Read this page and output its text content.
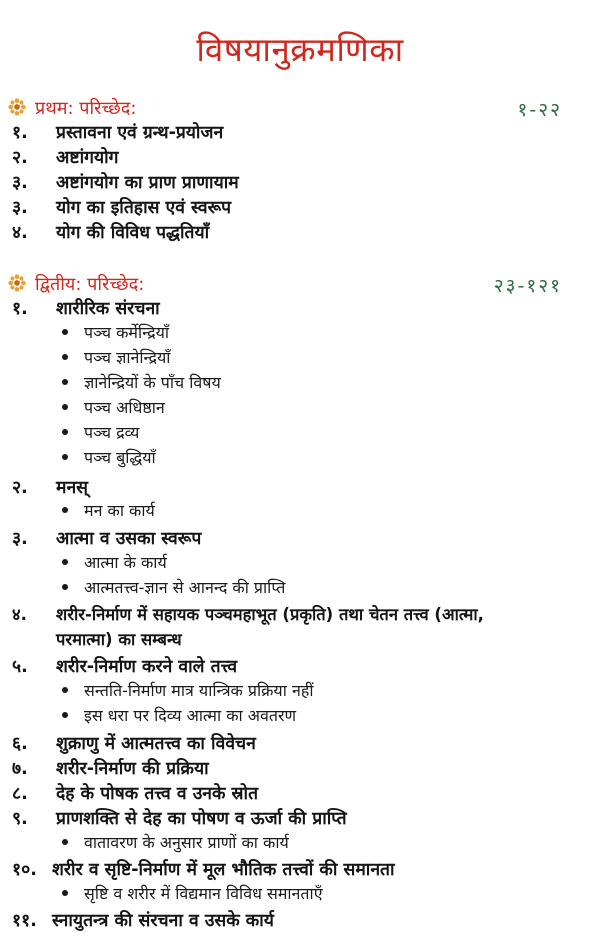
विषयानुक्रमणिका
प्रथम: परिच्छेद:	१-२२
१. प्रस्तावना एवं ग्रन्थ-प्रयोजन
२. अष्टांगयोग
३. अष्टांगयोग का प्राण प्राणायाम
३. योग का इतिहास एवं स्वरूप
४. योग की विविध पद्धतियाँ
द्वितीय: परिच्छेद:	२३-१२१
१. शारीरिक संरचना
पञ्च कर्मेन्द्रियाँ
पञ्च ज्ञानेन्द्रियाँ
ज्ञानेन्द्रियों के पाँच विषय
पञ्च अधिष्ठान
पञ्च द्रव्य
पञ्च बुद्धियाँ
२. मनस्
मन का कार्य
३. आत्मा व उसका स्वरूप
आत्मा के कार्य
आत्मतत्त्व-ज्ञान से आनन्द की प्राप्ति
४. शरीर-निर्माण में सहायक पञ्चमहाभूत (प्रकृति) तथा चेतन तत्त्व (आत्मा,
परमात्मा) का सम्बन्ध
५. शरीर-निर्माण करने वाले तत्त्व
सन्तति-निर्माण मात्र यान्त्रिक प्रक्रिया नहीं
इस धरा पर दिव्य आत्मा का अवतरण
६. शुक्राणु में आत्मतत्त्व का विवेचन
७. शरीर-निर्माण की प्रक्रिया
८. देह के पोषक तत्त्व व उनके स्रोत
९. प्राणशक्ति से देह का पोषण व ऊर्जा की प्राप्ति
वातावरण के अनुसार प्राणों का कार्य
१०. शरीर व सृष्टि-निर्माण में मूल भौतिक तत्त्वों की समानता
सृष्टि व शरीर में विद्यमान विविध समानताएँ
११. स्नायुतन्त्र की संरचना व उसके कार्य
